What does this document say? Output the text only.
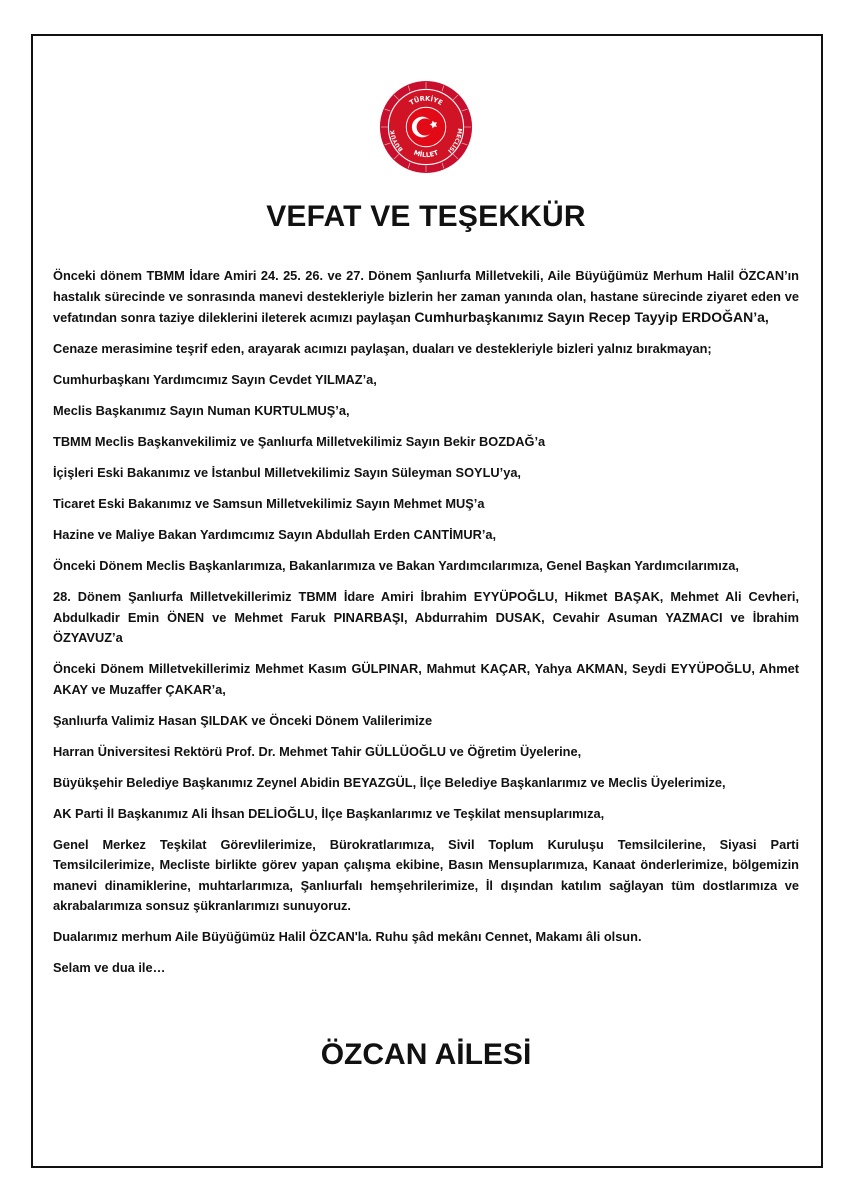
TÜRKİYE
BÜYÜK	MECLİSİ
MİLLET
VEFAT VE TEŞEKKÜR

Önceki dönem TBMM İdare Amiri 24. 25. 26. ve 27. Dönem Şanlıurfa Milletvekili, Aile Büyüğümüz Merhum Halil ÖZCAN’ın hastalık sürecinde ve sonrasında manevi destekleriyle bizlerin her zaman yanında olan, hastane sürecinde ziyaret eden ve vefatından sonra taziye dileklerini ileterek acımızı paylaşan Cumhurbaşkanımız Sayın Recep Tayyip ERDOĞAN’a,

Cenaze merasimine teşrif eden, arayarak acımızı paylaşan, duaları ve destekleriyle bizleri yalnız bırakmayan;

Cumhurbaşkanı Yardımcımız Sayın Cevdet YILMAZ’a,

Meclis Başkanımız Sayın Numan KURTULMUŞ’a,

TBMM Meclis Başkanvekilimiz ve Şanlıurfa Milletvekilimiz Sayın Bekir BOZDAĞ’a

İçişleri Eski Bakanımız ve İstanbul Milletvekilimiz Sayın Süleyman SOYLU’ya,

Ticaret Eski Bakanımız ve Samsun Milletvekilimiz Sayın Mehmet MUŞ’a

Hazine ve Maliye Bakan Yardımcımız Sayın Abdullah Erden CANTİMUR’a,

Önceki Dönem Meclis Başkanlarımıza, Bakanlarımıza ve Bakan Yardımcılarımıza, Genel Başkan Yardımcılarımıza,

28. Dönem Şanlıurfa Milletvekillerimiz TBMM İdare Amiri İbrahim EYYÜPOĞLU, Hikmet BAŞAK, Mehmet Ali Cevheri, Abdulkadir Emin ÖNEN ve Mehmet Faruk PINARBAŞI, Abdurrahim DUSAK, Cevahir Asuman YAZMACI ve İbrahim ÖZYAVUZ’a

Önceki Dönem Milletvekillerimiz Mehmet Kasım GÜLPINAR, Mahmut KAÇAR, Yahya AKMAN, Seydi EYYÜPOĞLU, Ahmet AKAY ve Muzaffer ÇAKAR’a,

Şanlıurfa Valimiz Hasan ŞILDAK ve Önceki Dönem Valilerimize

Harran Üniversitesi Rektörü Prof. Dr. Mehmet Tahir GÜLLÜOĞLU ve Öğretim Üyelerine,

Büyükşehir Belediye Başkanımız Zeynel Abidin BEYAZGÜL, İlçe Belediye Başkanlarımız ve Meclis Üyelerimize,

AK Parti İl Başkanımız Ali İhsan DELİOĞLU, İlçe Başkanlarımız ve Teşkilat mensuplarımıza,

Genel Merkez Teşkilat Görevlilerimize, Bürokratlarımıza, Sivil Toplum Kuruluşu Temsilcilerine, Siyasi Parti Temsilcilerimize, Mecliste birlikte görev yapan çalışma ekibine, Basın Mensuplarımıza, Kanaat önderlerimize, bölgemizin manevi dinamiklerine, muhtarlarımıza, Şanlıurfalı hemşehrilerimize, İl dışından katılım sağlayan tüm dostlarımıza ve akrabalarımıza sonsuz şükranlarımızı sunuyoruz.

Dualarımız merhum Aile Büyüğümüz Halil ÖZCAN'la. Ruhu şâd mekânı Cennet, Makamı âli olsun.

Selam ve dua ile…

ÖZCAN AİLESİ
